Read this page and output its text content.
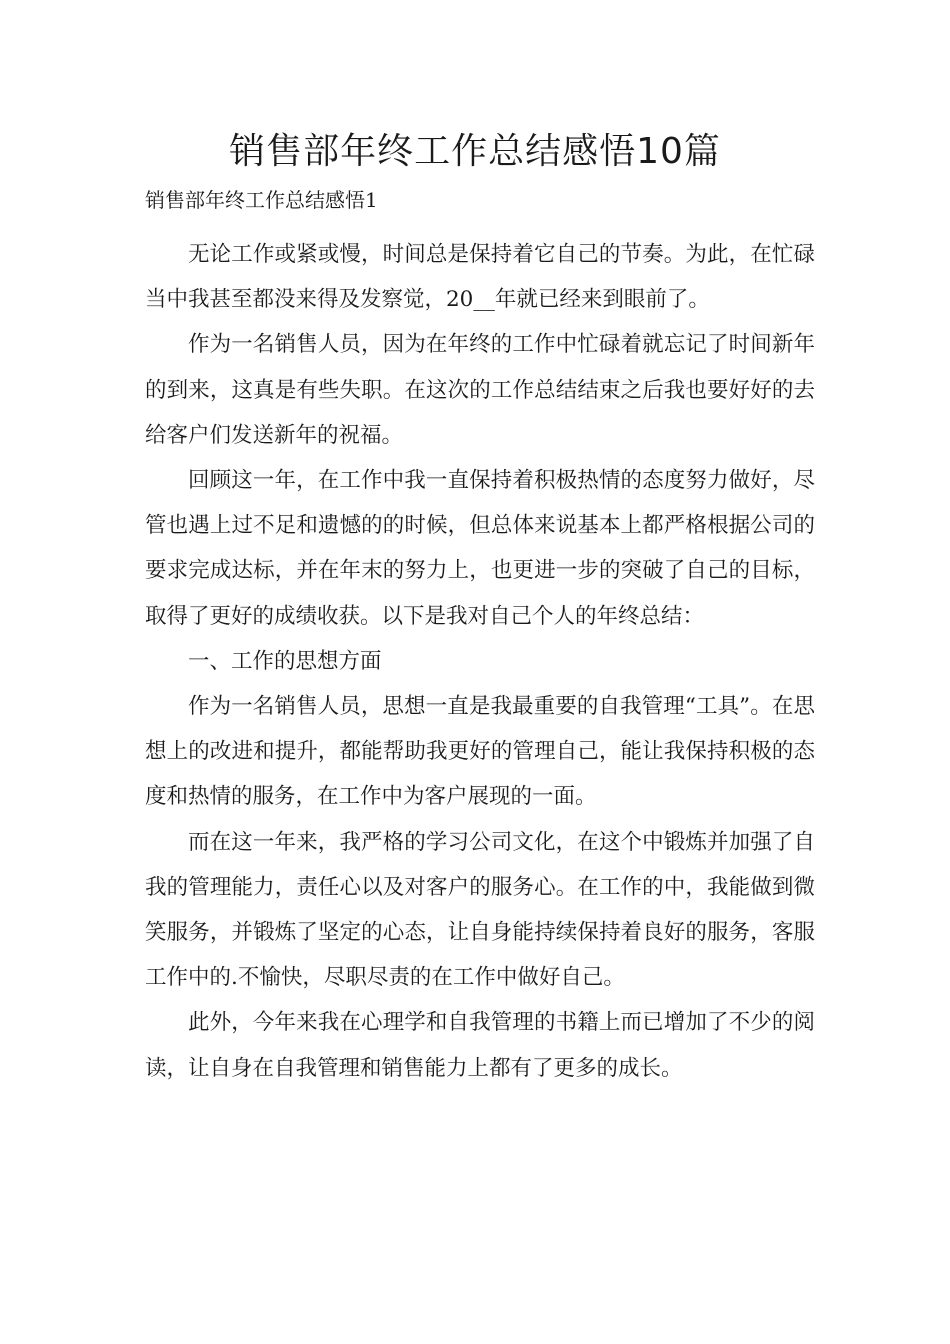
销售部年终工作总结感悟10篇
销售部年终工作总结感悟1

无论工作或紧或慢，时间总是保持着它自己的节奏。为此，在忙碌当中我甚至都没来得及发察觉，20__年就已经来到眼前了。

作为一名销售人员，因为在年终的工作中忙碌着就忘记了时间新年的到来，这真是有些失职。在这次的工作总结结束之后我也要好好的去给客户们发送新年的祝福。

回顾这一年，在工作中我一直保持着积极热情的态度努力做好，尽管也遇上过不足和遗憾的的时候，但总体来说基本上都严格根据公司的要求完成达标，并在年末的努力上，也更进一步的突破了自己的目标，取得了更好的成绩收获。以下是我对自己个人的年终总结：

一、工作的思想方面

作为一名销售人员，思想一直是我最重要的自我管理“工具”。在思想上的改进和提升，都能帮助我更好的管理自己，能让我保持积极的态度和热情的服务，在工作中为客户展现的一面。

而在这一年来，我严格的学习公司文化，在这个中锻炼并加强了自我的管理能力，责任心以及对客户的服务心。在工作的中，我能做到微笑服务，并锻炼了坚定的心态，让自身能持续保持着良好的服务，客服工作中的.不愉快，尽职尽责的在工作中做好自己。

此外，今年来我在心理学和自我管理的书籍上而已增加了不少的阅读，让自身在自我管理和销售能力上都有了更多的成长。
